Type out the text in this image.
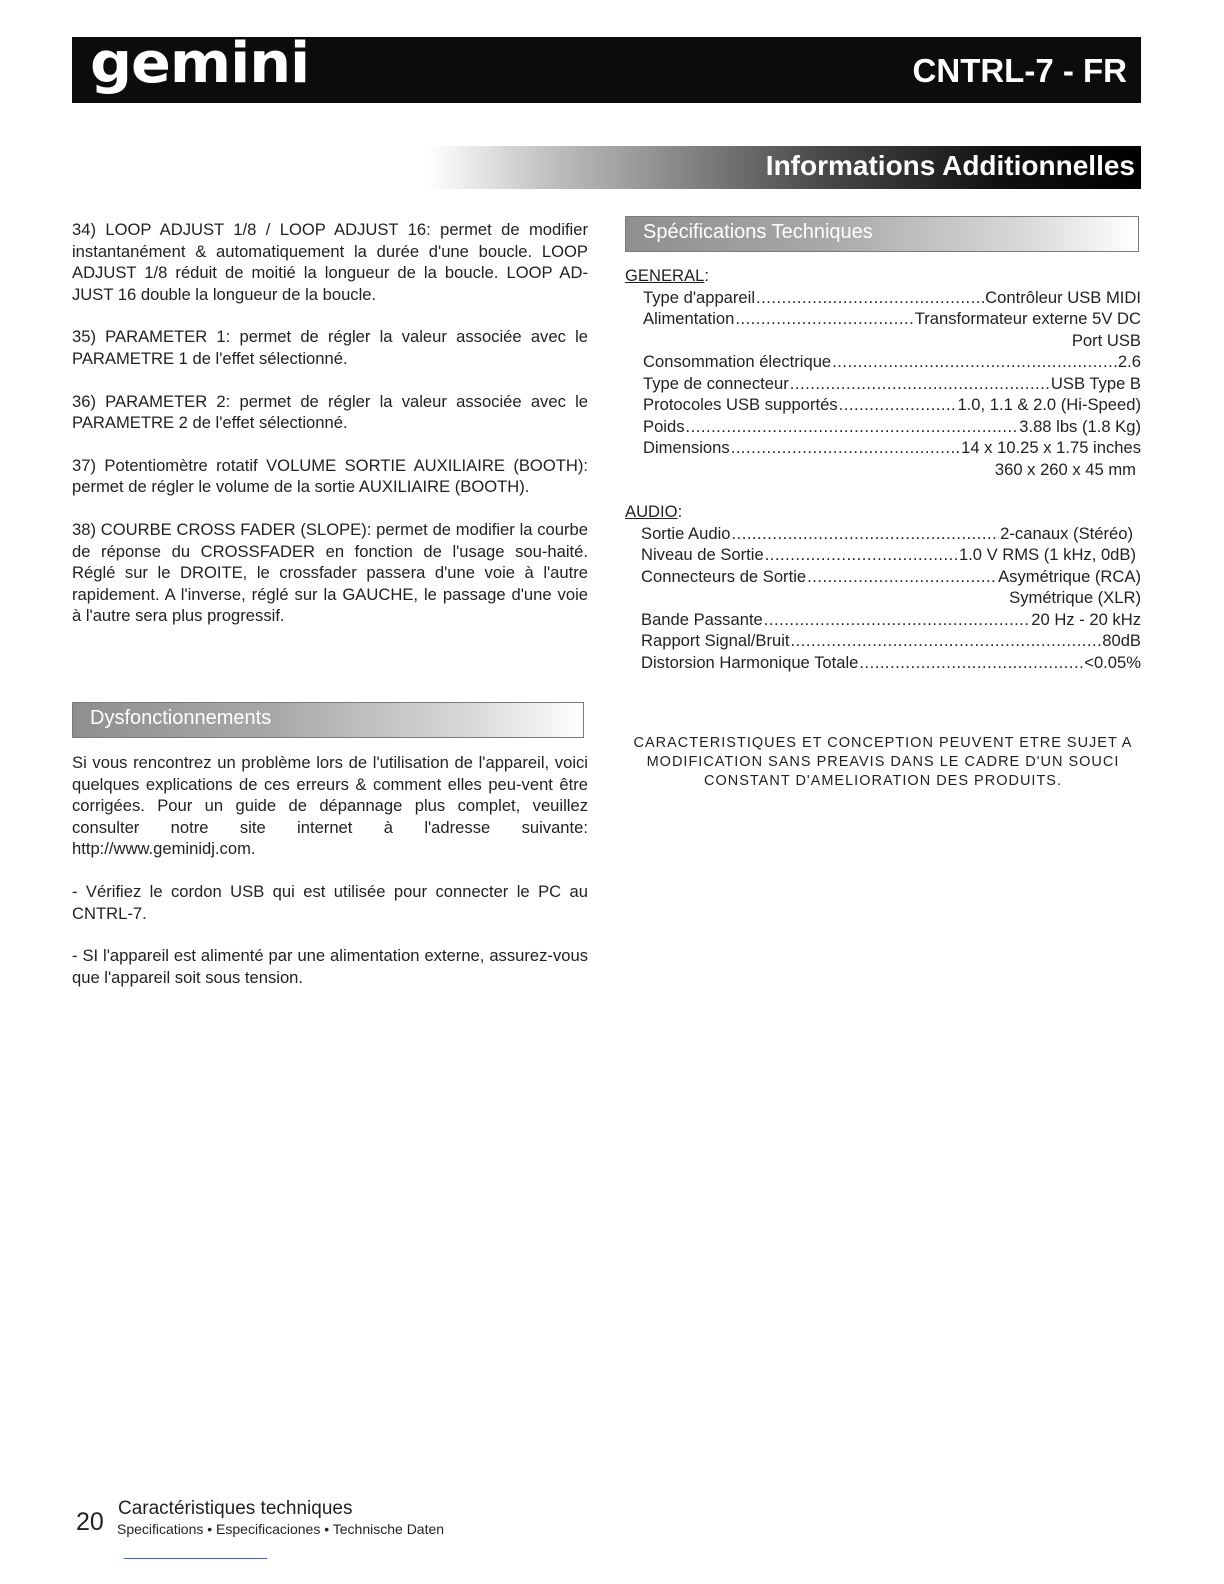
gemini	CNTRL-7 - FR
Informations Additionnelles

34) LOOP ADJUST 1/8 / LOOP ADJUST 16: permet de modifier instantanément & automatiquement la durée d'une boucle. LOOP ADJUST 1/8 réduit de moitié la longueur de la boucle. LOOP AD-JUST 16 double la longueur de la boucle.

35) PARAMETER 1: permet de régler la valeur associée avec le PARAMETRE 1 de l'effet sélectionné.

36) PARAMETER 2: permet de régler la valeur associée avec le PARAMETRE 2 de l'effet sélectionné.

37) Potentiomètre rotatif VOLUME SORTIE AUXILIAIRE (BOOTH): permet de régler le volume de la sortie AUXILIAIRE (BOOTH).

38) COURBE CROSS FADER (SLOPE): permet de modifier la courbe de réponse du CROSSFADER en fonction de l'usage sou-haité. Réglé sur le DROITE, le crossfader passera d'une voie à l'autre rapidement. A l'inverse, réglé sur la GAUCHE, le passage d'une voie à l'autre sera plus progressif.

Dysfonctionnements

Si vous rencontrez un problème lors de l'utilisation de l'appareil, voici quelques explications de ces erreurs & comment elles peu-vent être corrigées. Pour un guide de dépannage plus complet, veuillez consulter notre site internet à l'adresse suivante: http://www.geminidj.com.

- Vérifiez le cordon USB qui est utilisée pour connecter le PC au CNTRL-7.

- SI l'appareil est alimenté par une alimentation externe, assurez-vous que l'appareil soit sous tension.

Spécifications Techniques
GENERAL:
Type d'appareil .....	Contrôleur USB MIDI
Alimentation .....	Transformateur externe 5V DC
Port USB
Consommation électrique .....	2.6
Type de connecteur .....	USB Type B
Protocoles USB supportés .....	1.0, 1.1 & 2.0 (Hi-Speed)
Poids .....	3.88 lbs (1.8 Kg)
Dimensions .....	14 x 10.25 x 1.75 inches
360 x 260 x 45 mm
AUDIO:
Sortie Audio .....	2-canaux (Stéréo)
Niveau de Sortie .....	1.0 V RMS (1 kHz, 0dB)
Connecteurs de Sortie .....	Asymétrique (RCA)
Symétrique (XLR)
Bande Passante .....	20 Hz - 20 kHz
Rapport Signal/Bruit .....	80dB
Distorsion Harmonique Totale .....	<0.05%
CARACTERISTIQUES ET CONCEPTION PEUVENT ETRE SUJET A MODIFICATION SANS PREAVIS DANS LE CADRE D'UN SOUCI CONSTANT D'AMELIORATION DES PRODUITS.
20 Caractéristiques techniques
Specifications • Especificaciones • Technische Daten
